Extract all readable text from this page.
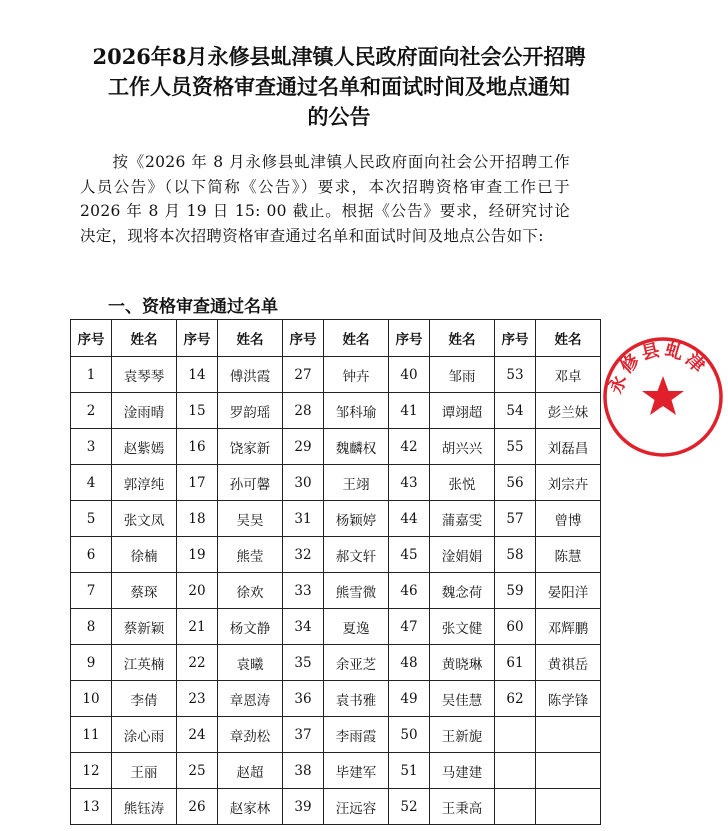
2026年8月永修县虬津镇人民政府面向社会公开招聘
工作人员资格审查通过名单和面试时间及地点通知
的公告
按《2026 年 8 月永修县虬津镇人民政府面向社会公开招聘工作人员公告》（以下简称《公告》）要求，本次招聘资格审查工作已于 2026 年 8 月 19 日 15: 00 截止。根据《公告》要求，经研究讨论决定，现将本次招聘资格审查通过名单和面试时间及地点公告如下:
一、资格审查通过名单
序号	姓名	序号	姓名	序号	姓名	序号	姓名	序号	姓名
1	袁琴琴	14	傅洪霞	27	钟卉	40	邹雨	53	邓卓
2	淦雨晴	15	罗韵瑶	28	邹科瑜	41	谭翊超	54	彭兰妹
3	赵紫嫣	16	饶家新	29	魏麟权	42	胡兴兴	55	刘磊昌
4	郭淳纯	17	孙可馨	30	王翊	43	张悦	56	刘宗卉
5	张文凤	18	吴昊	31	杨颖婷	44	蒲嘉雯	57	曾博
6	徐楠	19	熊莹	32	郝文轩	45	淦娟娟	58	陈慧
7	蔡琛	20	徐欢	33	熊雪微	46	魏念荷	59	晏阳洋
8	蔡新颖	21	杨文静	34	夏逸	47	张文健	60	邓辉鹏
9	江英楠	22	袁曦	35	余亚芝	48	黄晓琳	61	黄祺岳
10	李倩	23	章恩涛	36	袁书雅	49	吴佳慧	62	陈学锋
11	涂心雨	24	章劲松	37	李雨霞	50	王新旎		
12	王丽	25	赵超	38	毕建军	51	马建建		
13	熊钰涛	26	赵家林	39	汪远容	52	王秉高		
永修县虬津
